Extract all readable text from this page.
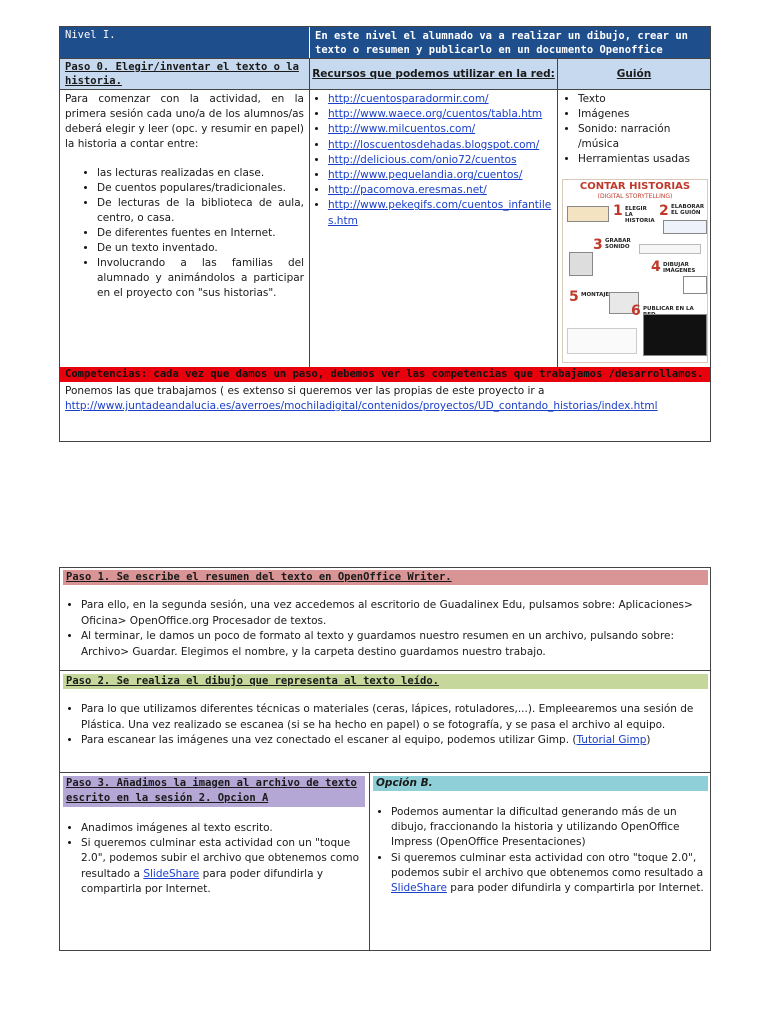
Nivel I.	En este nivel el alumnado va a realizar un dibujo, crear un texto o resumen y publicarlo en un documento Openoffice
Paso 0. Elegir/inventar el texto o la historia.
Recursos que podemos utilizar en la red:	Guión

Para comenzar con la actividad, en la primera sesión cada uno/a de los alumnos/as deberá elegir y leer (opc. y resumir en papel) la historia a contar entre:

• las lecturas realizadas en clase.
• De cuentos populares/tradicionales.
• De lecturas de la biblioteca de aula, centro, o casa.
• De diferentes fuentes en Internet.
• De un texto inventado.
• Involucrando a las familias del alumnado y animándolos a participar en el proyecto con "sus historias".
• http://cuentosparadormir.com/
• http://www.waece.org/cuentos/tabla.htm
• http://www.milcuentos.com/
• http://loscuentosdehadas.blogspot.com/
• http://delicious.com/onio72/cuentos
• http://www.pequelandia.org/cuentos/
• http://pacomova.eresmas.net/
• http://www.pekegifs.com/cuentos_infantiles.htm
• Texto
• Imágenes
• Sonido: narración /música
• Herramientas usadas
CONTAR HISTORIAS
(DIGITAL STORYTELLING)
1 ELEGIR LA HISTORIA
2 ELABORAR EL GUIÓN
3 GRABAR SONIDO
4 DIBUJAR IMÁGENES
5 MONTAJE
6 PUBLICAR EN LA
Competencias: cada vez que damos un paso, debemos ver las competencias que trabajamos /desarrollamos.
Ponemos las que trabajamos ( es extenso si queremos ver las propias de este proyecto ir a
http://www.juntadeandalucia.es/averroes/mochiladigital/contenidos/proyectos/UD_contando_historias/index.html
Paso 1. Se escribe el resumen del texto en OpenOffice Writer.
• Para ello, en la segunda sesión, una vez accedemos al escritorio de Guadalinex Edu, pulsamos sobre: Aplicaciones> Oficina> OpenOffice.org Procesador de textos.
• Al terminar, le damos un poco de formato al texto y guardamos nuestro resumen en un archivo, pulsando sobre: Archivo> Guardar. Elegimos el nombre, y la carpeta destino guardamos nuestro trabajo.
Paso 2. Se realiza el dibujo que representa al texto leído.
• Para lo que utilizamos diferentes técnicas o materiales (ceras, lápices, rotuladores,...). Empleearemos una sesión de Plástica. Una vez realizado se escanea (si se ha hecho en papel) o se fotografía, y se pasa el archivo al equipo.
• Para escanear las imágenes una vez conectado el escaner al equipo, podemos utilizar Gimp. (Tutorial Gimp)
Paso 3. Añadimos la imagen al archivo de texto escrito en la sesión 2. Opcion A
• Anadimos imágenes al texto escrito.
• Si queremos culminar esta actividad con un "toque 2.0", podemos subir el archivo que obtenemos como resultado a SlideShare para poder difundirla y compartirla por Internet.
Opción B.
• Podemos aumentar la dificultad generando más de un dibujo, fraccionando la historia y utilizando OpenOffice Impress (OpenOffice Presentaciones)
• Si queremos culminar esta actividad con otro "toque 2.0", podemos subir el archivo que obtenemos como resultado a SlideShare para poder difundirla y compartirla por Internet.
